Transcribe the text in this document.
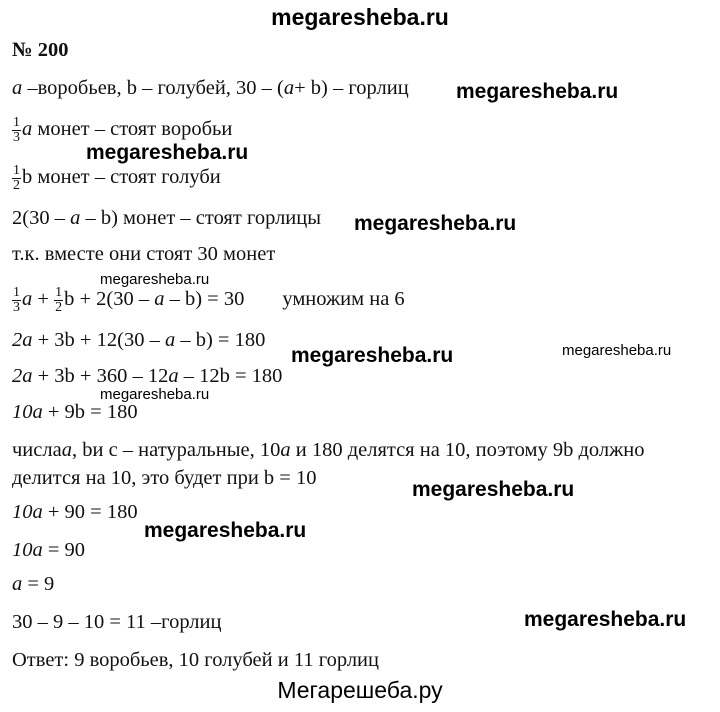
megaresheba.ru
№ 200
а –воробьев, b – голубей, 30 – (а+ b) – горлиц
$\frac{1}{3}$ а монет – стоят воробьи
$\frac{1}{2}$ b монет – стоят голуби
2(30 – а – b) монет – стоят горлицы
т.к. вместе они стоят 30 монет
$\frac{1}{3}$ $а + \frac{1}{2}$ b + 2(30 – а – b) = 30 умножим на 6
2а + 3b + 12(30 – а – b) = 180
2а + 3b + 360 – 12а – 12b = 180
10а + 9b = 180
числаа, bи c – натуральные, 10а и 180 делятся на 10, поэтому 9b должно
делится на 10, это будет при b = 10
10а + 90 = 180
10а = 90
а = 9
30 – 9 – 10 = 11 –горлиц
Ответ: 9 воробьев, 10 голубей и 11 горлиц
megaresheba.ru
megaresheba.ru
megaresheba.ru
megaresheba.ru
megaresheba.ru	megaresheba.ru
megaresheba.ru
megaresheba.ru
megaresheba.ru
megaresheba.ru
Мегарешеба.ру
